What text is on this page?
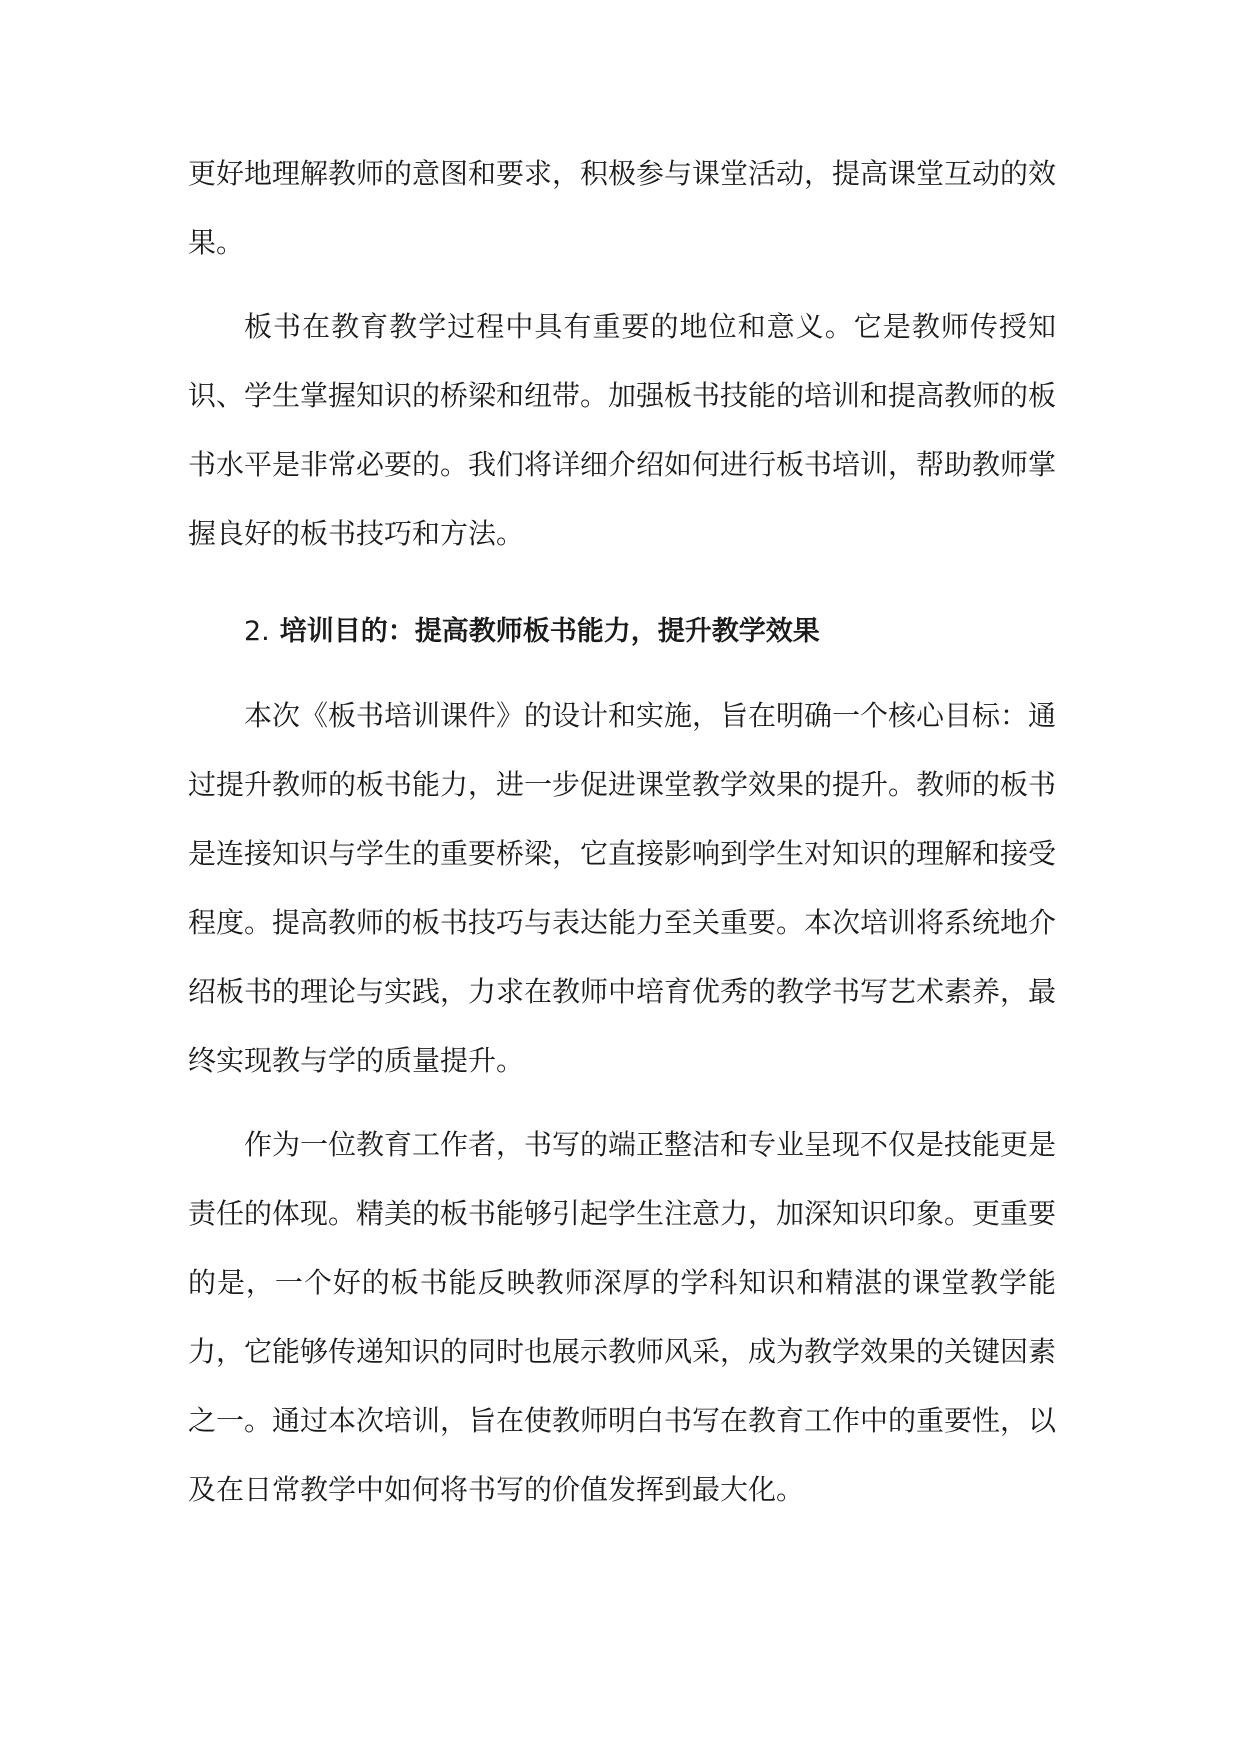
更好地理解教师的意图和要求，积极参与课堂活动，提高课堂互动的效果。

板书在教育教学过程中具有重要的地位和意义。它是教师传授知识、学生掌握知识的桥梁和纽带。加强板书技能的培训和提高教师的板书水平是非常必要的。我们将详细介绍如何进行板书培训，帮助教师掌握良好的板书技巧和方法。

2. 培训目的：提高教师板书能力，提升教学效果

本次《板书培训课件》的设计和实施，旨在明确一个核心目标：通过提升教师的板书能力，进一步促进课堂教学效果的提升。教师的板书是连接知识与学生的重要桥梁，它直接影响到学生对知识的理解和接受程度。提高教师的板书技巧与表达能力至关重要。本次培训将系统地介绍板书的理论与实践，力求在教师中培育优秀的教学书写艺术素养，最终实现教与学的质量提升。

作为一位教育工作者，书写的端正整洁和专业呈现不仅是技能更是责任的体现。精美的板书能够引起学生注意力，加深知识印象。更重要的是，一个好的板书能反映教师深厚的学科知识和精湛的课堂教学能力，它能够传递知识的同时也展示教师风采，成为教学效果的关键因素之一。通过本次培训，旨在使教师明白书写在教育工作中的重要性，以及在日常教学中如何将书写的价值发挥到最大化。
